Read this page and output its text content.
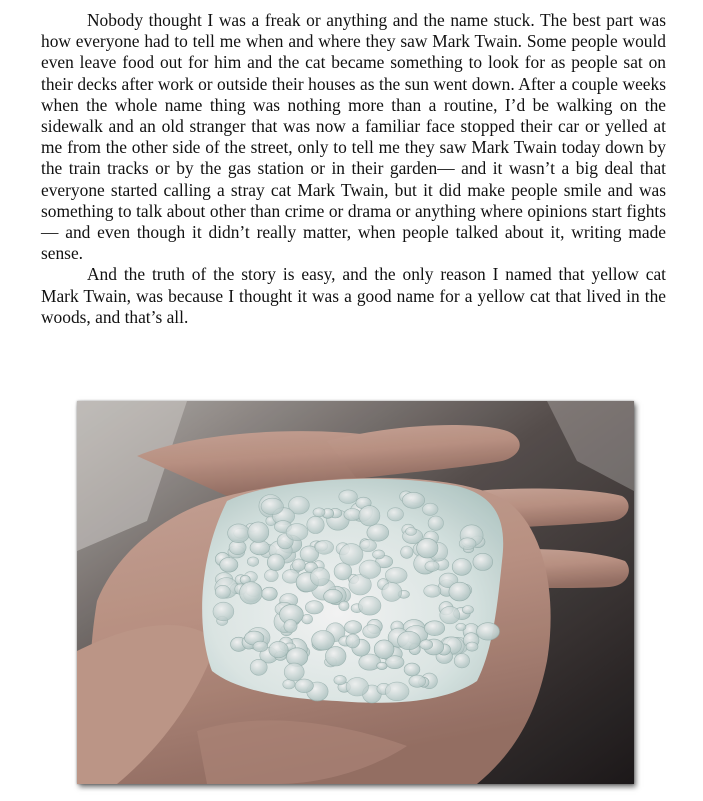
Nobody thought I was a freak or anything and the name stuck. The best part was how everyone had to tell me when and where they saw Mark Twain. Some people would even leave food out for him and the cat became something to look for as people sat on their decks after work or outside their houses as the sun went down. After a couple weeks when the whole name thing was nothing more than a routine, I’d be walking on the sidewalk and an old stranger that was now a familiar face stopped their car or yelled at me from the other side of the street, only to tell me they saw Mark Twain today down by the train tracks or by the gas station or in their garden— and it wasn’t a big deal that everyone started calling a stray cat Mark Twain, but it did make people smile and was something to talk about other than crime or drama or anything where opinions start fights— and even though it didn’t really matter, when people talked about it, writing made sense.

And the truth of the story is easy, and the only reason I named that yellow cat Mark Twain, was because I thought it was a good name for a yellow cat that lived in the woods, and that’s all.
